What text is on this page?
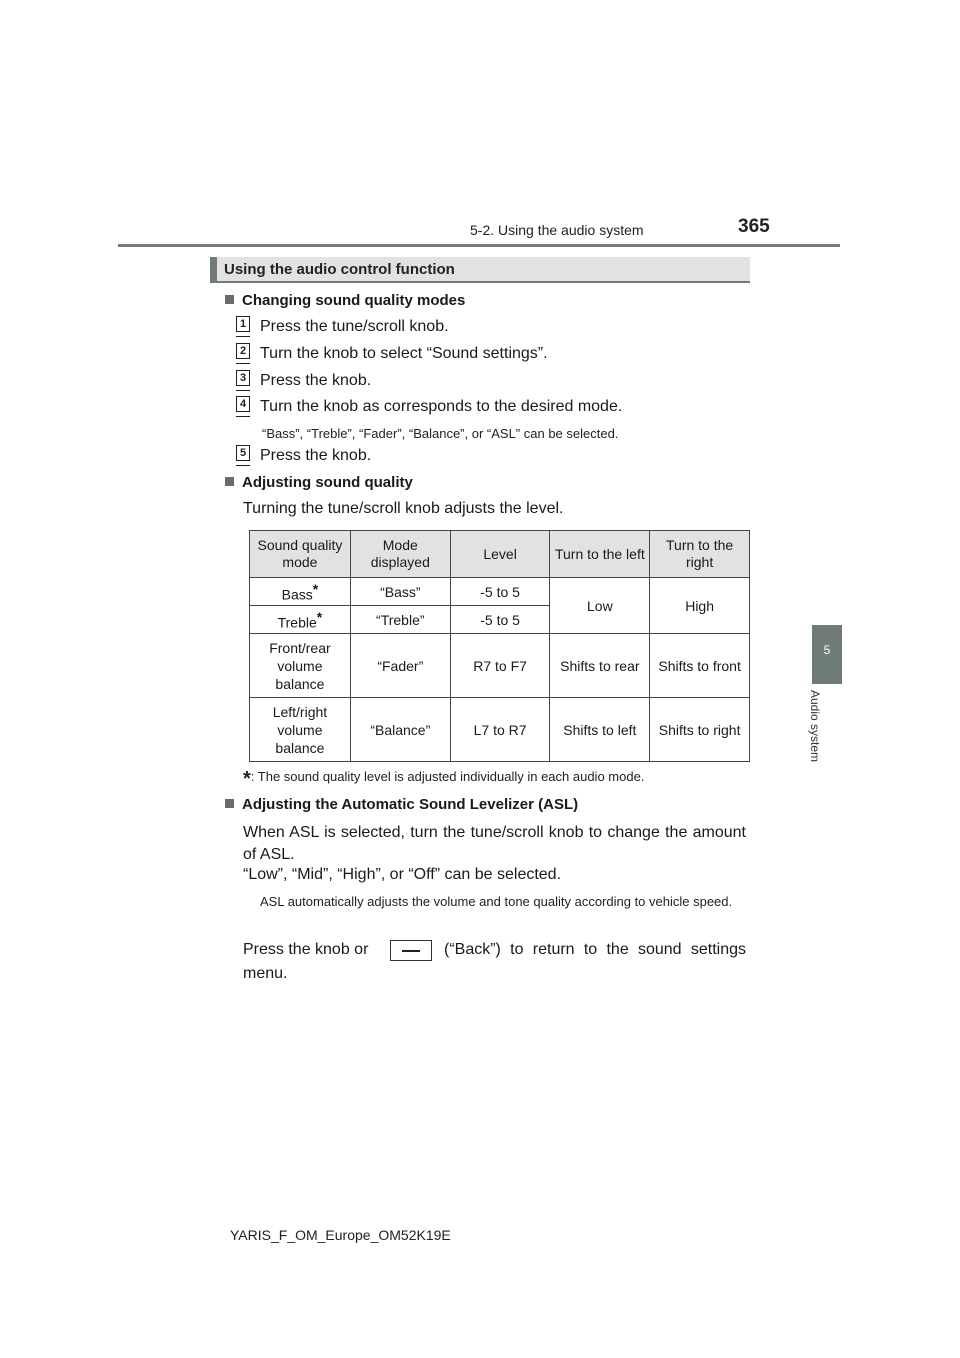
5-2. Using the audio system	365
5
Audio system
Using the audio control function
Changing sound quality modes
1 Press the tune/scroll knob.
2 Turn the knob to select “Sound settings”.
3 Press the knob.
4 Turn the knob as corresponds to the desired mode.
“Bass”, “Treble”, “Fader”, “Balance”, or “ASL” can be selected.
5 Press the knob.
Adjusting sound quality
Turning the tune/scroll knob adjusts the level.
Sound quality mode	Mode displayed	Level	Turn to the left	Turn to the right
Bass*	“Bass”	-5 to 5	Low	High
Treble*	“Treble”	-5 to 5		
Front/rear volume balance	“Fader”	R7 to F7	Shifts to rear	Shifts to front
Left/right volume balance	“Balance”	L7 to R7	Shifts to left	Shifts to right
*: The sound quality level is adjusted individually in each audio mode.
Adjusting the Automatic Sound Levelizer (ASL)
When ASL is selected, turn the tune/scroll knob to change the amount of ASL.
“Low”, “Mid”, “High”, or “Off” can be selected.
ASL automatically adjusts the volume and tone quality according to vehicle speed.
Press the knob or	(“Back”) to return to the sound settings
menu.
YARIS_F_OM_Europe_OM52K19E
